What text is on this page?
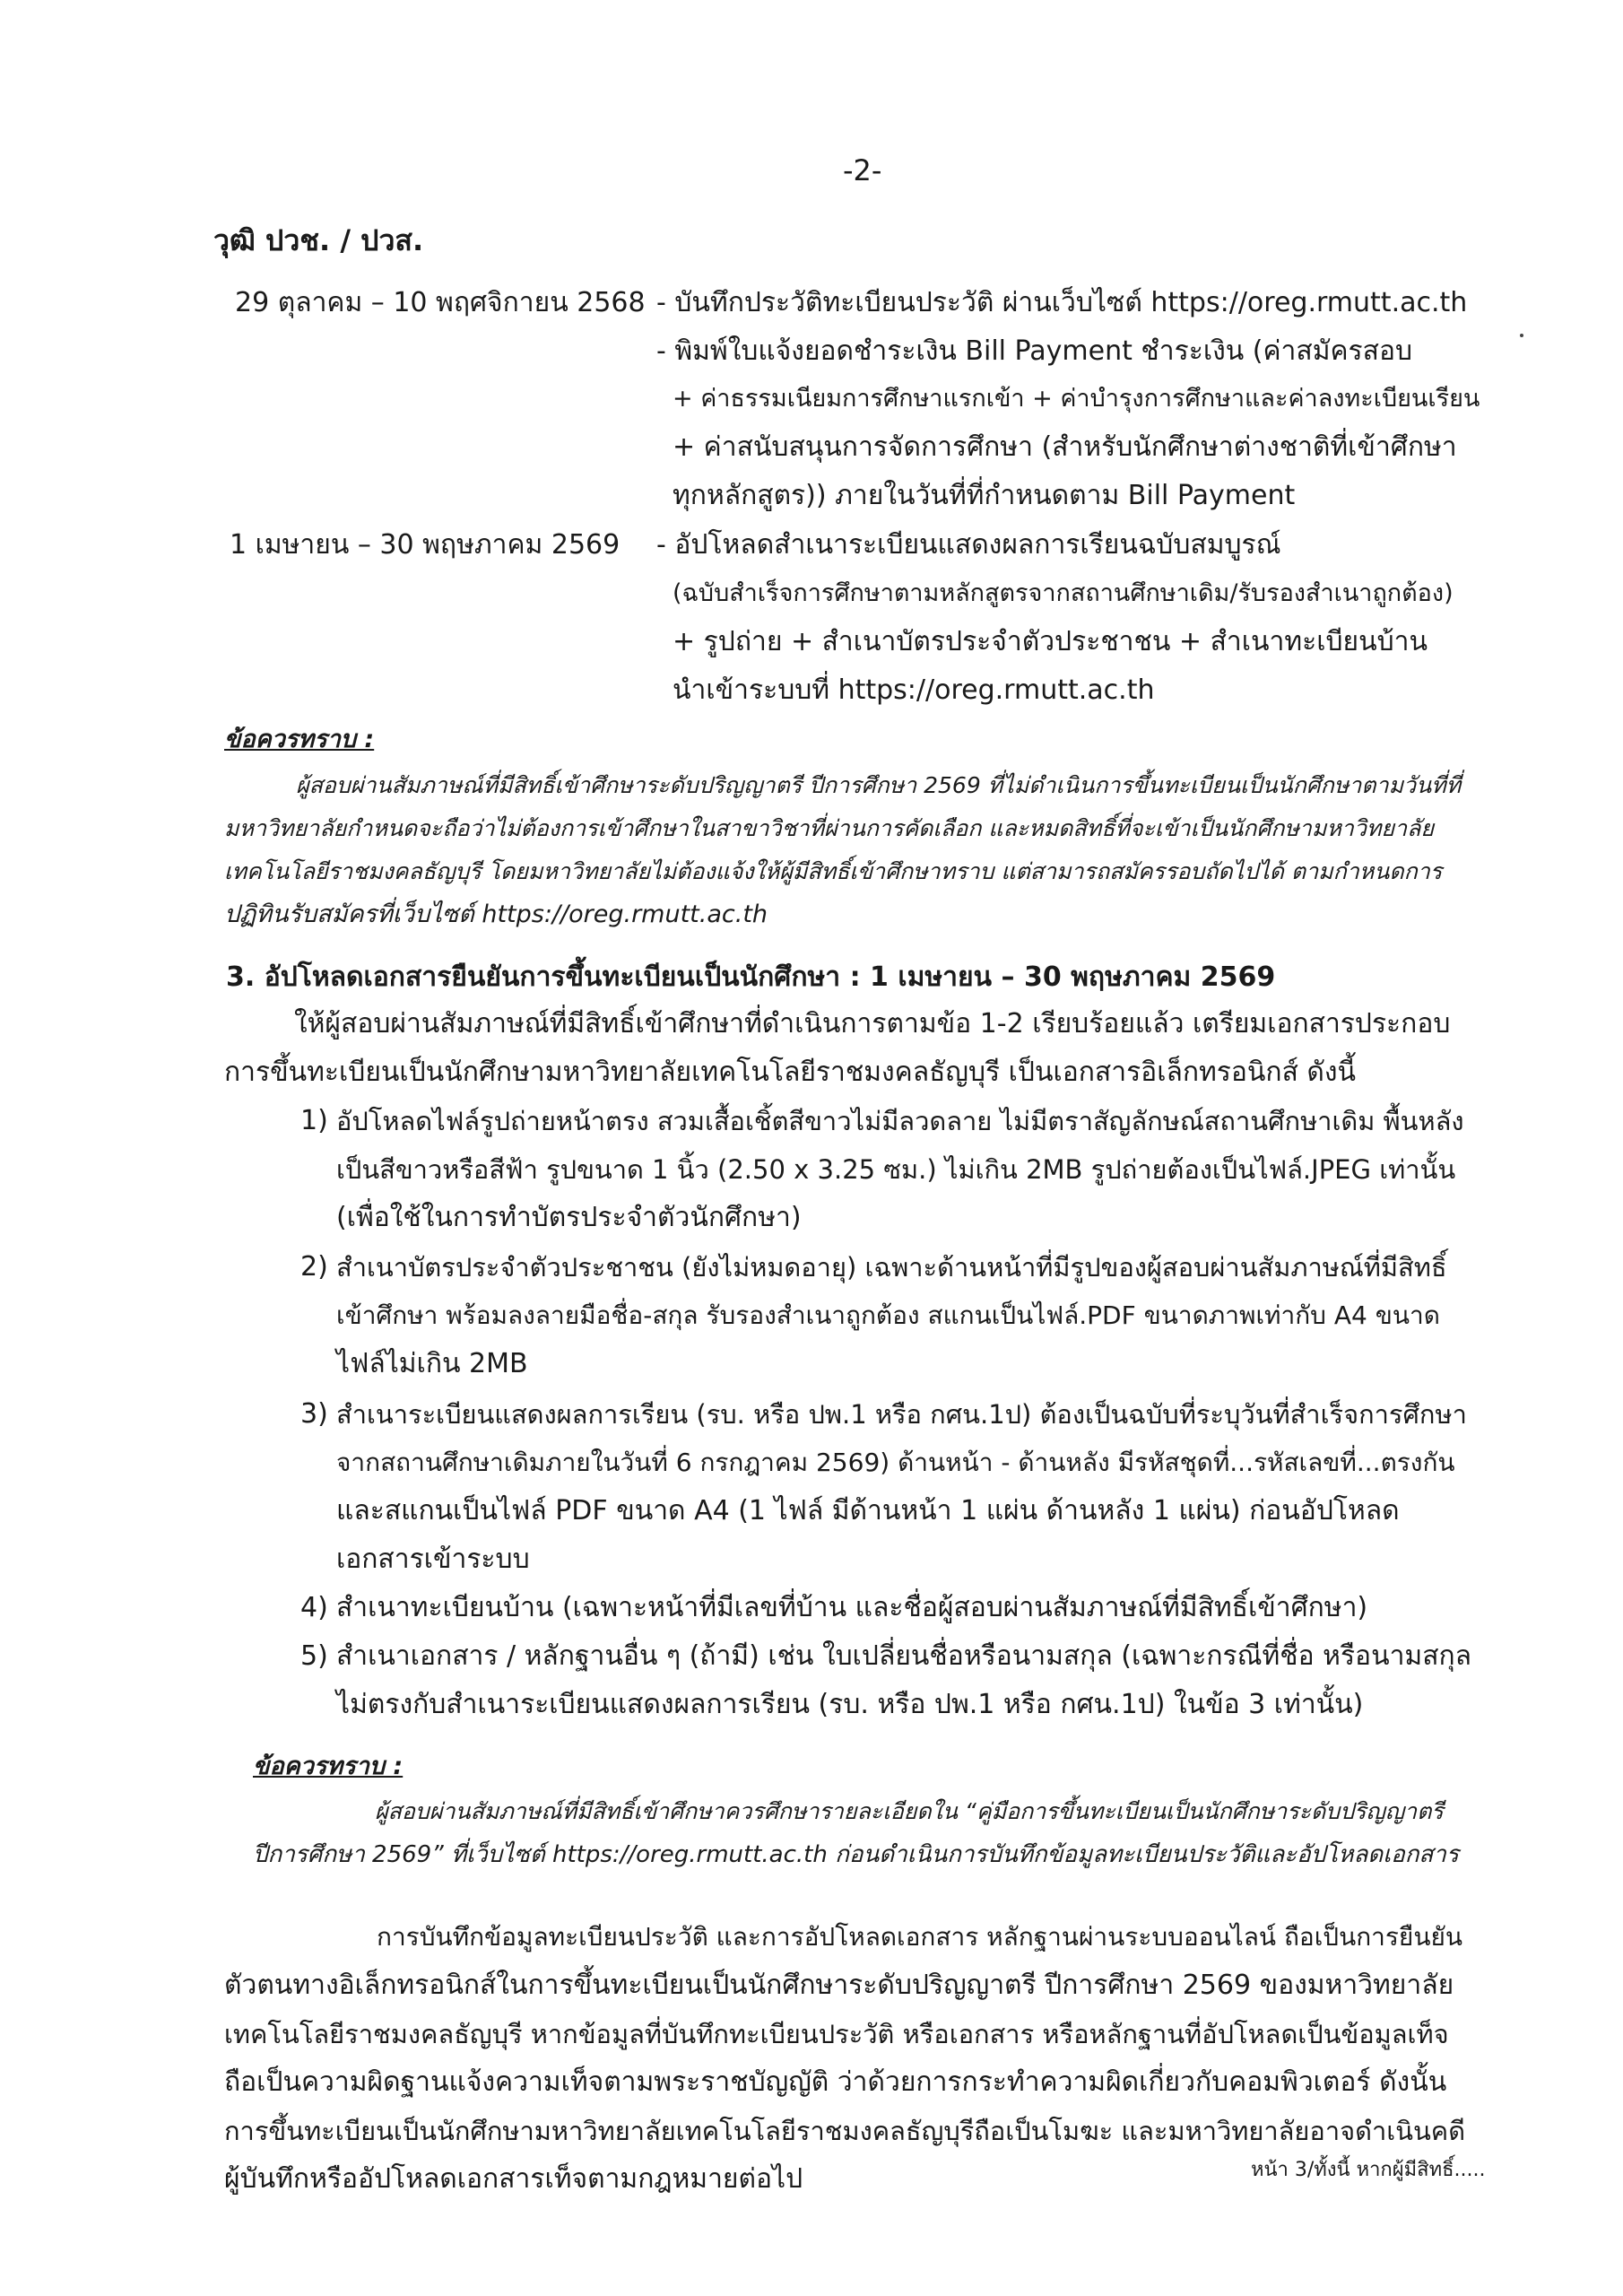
-2-
วุฒิ ปวช. / ปวส.
29 ตุลาคม – 10 พฤศจิกายน 2568 - บันทึกประวัติทะเบียนประวัติ ผ่านเว็บไซต์ https://oreg.rmutt.ac.th
- พิมพ์ใบแจ้งยอดชำระเงิน Bill Payment ชำระเงิน (ค่าสมัครสอบ
+ ค่าธรรมเนียมการศึกษาแรกเข้า + ค่าบำรุงการศึกษาและค่าลงทะเบียนเรียน
+ ค่าสนับสนุนการจัดการศึกษา (สำหรับนักศึกษาต่างชาติที่เข้าศึกษา
ทุกหลักสูตร)) ภายในวันที่ที่กำหนดตาม Bill Payment
1 เมษายน – 30 พฤษภาคม 2569 - อัปโหลดสำเนาระเบียนแสดงผลการเรียนฉบับสมบูรณ์
(ฉบับสำเร็จการศึกษาตามหลักสูตรจากสถานศึกษาเดิม/รับรองสำเนาถูกต้อง)
+ รูปถ่าย + สำเนาบัตรประจำตัวประชาชน + สำเนาทะเบียนบ้าน
นำเข้าระบบที่ https://oreg.rmutt.ac.th
ข้อควรทราบ :
ผู้สอบผ่านสัมภาษณ์ที่มีสิทธิ์เข้าศึกษาระดับปริญญาตรี ปีการศึกษา 2569 ที่ไม่ดำเนินการขึ้นทะเบียนเป็นนักศึกษาตามวันที่ที่
มหาวิทยาลัยกำหนดจะถือว่าไม่ต้องการเข้าศึกษาในสาขาวิชาที่ผ่านการคัดเลือก และหมดสิทธิ์ที่จะเข้าเป็นนักศึกษามหาวิทยาลัย
เทคโนโลยีราชมงคลธัญบุรี โดยมหาวิทยาลัยไม่ต้องแจ้งให้ผู้มีสิทธิ์เข้าศึกษาทราบ แต่สามารถสมัครรอบถัดไปได้ ตามกำหนดการ
ปฏิทินรับสมัครที่เว็บไซต์ https://oreg.rmutt.ac.th
3. อัปโหลดเอกสารยืนยันการขึ้นทะเบียนเป็นนักศึกษา : 1 เมษายน – 30 พฤษภาคม 2569
ให้ผู้สอบผ่านสัมภาษณ์ที่มีสิทธิ์เข้าศึกษาที่ดำเนินการตามข้อ 1-2 เรียบร้อยแล้ว เตรียมเอกสารประกอบ
การขึ้นทะเบียนเป็นนักศึกษามหาวิทยาลัยเทคโนโลยีราชมงคลธัญบุรี เป็นเอกสารอิเล็กทรอนิกส์ ดังนี้
1) อัปโหลดไฟล์รูปถ่ายหน้าตรง สวมเสื้อเชิ้ตสีขาวไม่มีลวดลาย ไม่มีตราสัญลักษณ์สถานศึกษาเดิม พื้นหลัง
เป็นสีขาวหรือสีฟ้า รูปขนาด 1 นิ้ว (2.50 x 3.25 ซม.) ไม่เกิน 2MB รูปถ่ายต้องเป็นไฟล์.JPEG เท่านั้น
(เพื่อใช้ในการทำบัตรประจำตัวนักศึกษา)
2) สำเนาบัตรประจำตัวประชาชน (ยังไม่หมดอายุ) เฉพาะด้านหน้าที่มีรูปของผู้สอบผ่านสัมภาษณ์ที่มีสิทธิ์
เข้าศึกษา พร้อมลงลายมือชื่อ-สกุล รับรองสำเนาถูกต้อง สแกนเป็นไฟล์.PDF ขนาดภาพเท่ากับ A4 ขนาด
ไฟล์ไม่เกิน 2MB
3) สำเนาระเบียนแสดงผลการเรียน (รบ. หรือ ปพ.1 หรือ กศน.1ป) ต้องเป็นฉบับที่ระบุวันที่สำเร็จการศึกษา
จากสถานศึกษาเดิมภายในวันที่ 6 กรกฎาคม 2569) ด้านหน้า - ด้านหลัง มีรหัสชุดที่...รหัสเลขที่...ตรงกัน
และสแกนเป็นไฟล์ PDF ขนาด A4 (1 ไฟล์ มีด้านหน้า 1 แผ่น ด้านหลัง 1 แผ่น) ก่อนอัปโหลด
เอกสารเข้าระบบ
4) สำเนาทะเบียนบ้าน (เฉพาะหน้าที่มีเลขที่บ้าน และชื่อผู้สอบผ่านสัมภาษณ์ที่มีสิทธิ์เข้าศึกษา)
5) สำเนาเอกสาร / หลักฐานอื่น ๆ (ถ้ามี) เช่น ใบเปลี่ยนชื่อหรือนามสกุล (เฉพาะกรณีที่ชื่อ หรือนามสกุล
ไม่ตรงกับสำเนาระเบียนแสดงผลการเรียน (รบ. หรือ ปพ.1 หรือ กศน.1ป) ในข้อ 3 เท่านั้น)
ข้อควรทราบ :
ผู้สอบผ่านสัมภาษณ์ที่มีสิทธิ์เข้าศึกษาควรศึกษารายละเอียดใน “คู่มือการขึ้นทะเบียนเป็นนักศึกษาระดับปริญญาตรี
ปีการศึกษา 2569” ที่เว็บไซต์ https://oreg.rmutt.ac.th ก่อนดำเนินการบันทึกข้อมูลทะเบียนประวัติและอัปโหลดเอกสาร
การบันทึกข้อมูลทะเบียนประวัติ และการอัปโหลดเอกสาร หลักฐานผ่านระบบออนไลน์ ถือเป็นการยืนยัน
ตัวตนทางอิเล็กทรอนิกส์ในการขึ้นทะเบียนเป็นนักศึกษาระดับปริญญาตรี ปีการศึกษา 2569 ของมหาวิทยาลัย
เทคโนโลยีราชมงคลธัญบุรี หากข้อมูลที่บันทึกทะเบียนประวัติ หรือเอกสาร หรือหลักฐานที่อัปโหลดเป็นข้อมูลเท็จ
ถือเป็นความผิดฐานแจ้งความเท็จตามพระราชบัญญัติ ว่าด้วยการกระทำความผิดเกี่ยวกับคอมพิวเตอร์ ดังนั้น
การขึ้นทะเบียนเป็นนักศึกษามหาวิทยาลัยเทคโนโลยีราชมงคลธัญบุรีถือเป็นโมฆะ และมหาวิทยาลัยอาจดำเนินคดี
ผู้บันทึกหรืออัปโหลดเอกสารเท็จตามกฎหมายต่อไป	หน้า 3/ทั้งนี้ หากผู้มีสิทธิ์.....
